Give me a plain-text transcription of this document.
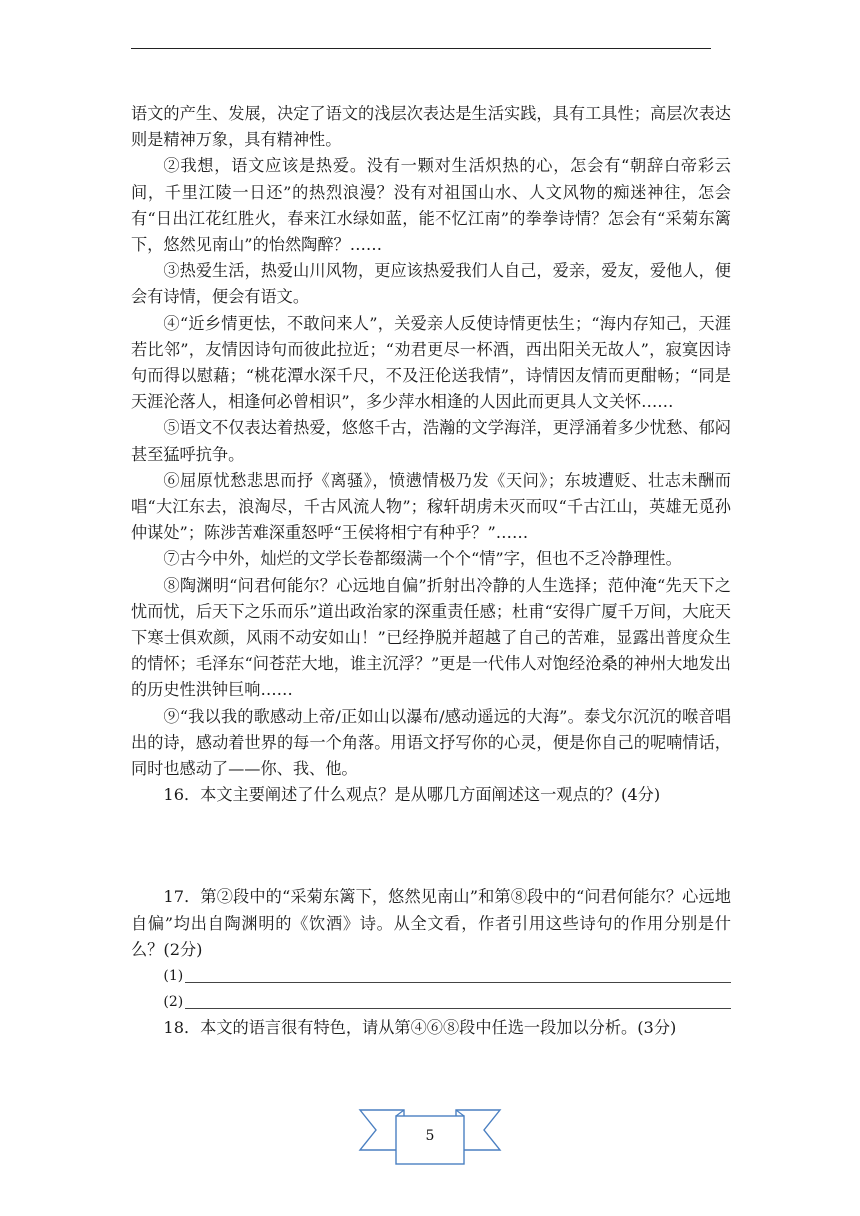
语文的产生、发展，决定了语文的浅层次表达是生活实践，具有工具性；高层次表达则是精神万象，具有精神性。

②我想，语文应该是热爱。没有一颗对生活炽热的心，怎会有“朝辞白帝彩云间，千里江陵一日还”的热烈浪漫？没有对祖国山水、人文风物的痴迷神往，怎会有“日出江花红胜火，春来江水绿如蓝，能不忆江南”的拳拳诗情？怎会有“采菊东篱下，悠然见南山”的怡然陶醉？……

③热爱生活，热爱山川风物，更应该热爱我们人自己，爱亲，爱友，爱他人，便会有诗情，便会有语文。

④“近乡情更怯，不敢问来人”，关爱亲人反使诗情更怯生；“海内存知己，天涯若比邻”，友情因诗句而彼此拉近；“劝君更尽一杯酒，西出阳关无故人”，寂寞因诗句而得以慰藉；“桃花潭水深千尺，不及汪伦送我情”，诗情因友情而更酣畅；“同是天涯沦落人，相逢何必曾相识”，多少萍水相逢的人因此而更具人文关怀……

⑤语文不仅表达着热爱，悠悠千古，浩瀚的文学海洋，更浮涌着多少忧愁、郁闷甚至猛呼抗争。

⑥屈原忧愁悲思而抒《离骚》，愤懑情极乃发《天问》；东坡遭贬、壮志未酬而唱“大江东去，浪淘尽，千古风流人物”；稼轩胡虏未灭而叹“千古江山，英雄无觅孙仲谋处”；陈涉苦难深重怒呼“王侯将相宁有种乎？”……

⑦古今中外，灿烂的文学长卷都缀满一个个“情”字，但也不乏冷静理性。

⑧陶渊明“问君何能尔？心远地自偏”折射出冷静的人生选择；范仲淹“先天下之忧而忧，后天下之乐而乐”道出政治家的深重责任感；杜甫“安得广厦千万间，大庇天下寒士俱欢颜，风雨不动安如山！”已经挣脱并超越了自己的苦难，显露出普度众生的情怀；毛泽东“问苍茫大地，谁主沉浮？”更是一代伟人对饱经沧桑的神州大地发出的历史性洪钟巨响……

⑨“我以我的歌感动上帝/正如山以瀑布/感动遥远的大海”。泰戈尔沉沉的喉音唱出的诗，感动着世界的每一个角落。用语文抒写你的心灵，便是你自己的呢喃情话，同时也感动了——你、我、他。

16．本文主要阐述了什么观点？是从哪几方面阐述这一观点的？(4分)

17．第②段中的“采菊东篱下，悠然见南山”和第⑧段中的“问君何能尔？心远地自偏”均出自陶渊明的《饮酒》诗。从全文看，作者引用这些诗句的作用分别是什么？(2分)

(1)
(2)

18．本文的语言很有特色，请从第④⑥⑧段中任选一段加以分析。(3分)

5
